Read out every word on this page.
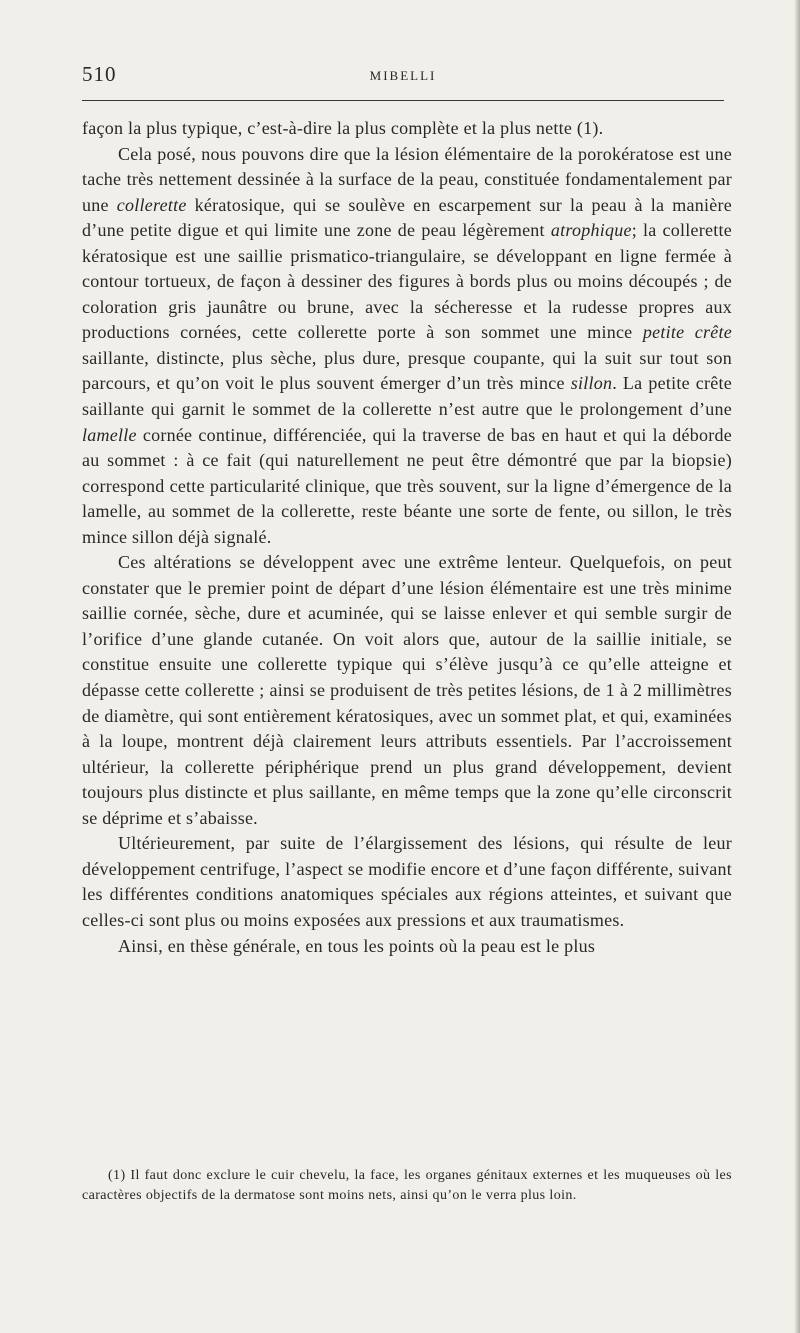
510	MIBELLI

façon la plus typique, c’est-à-dire la plus complète et la plus nette (1).

Cela posé, nous pouvons dire que la lésion élémentaire de la porokératose est une tache très nettement dessinée à la surface de la peau, constituée fondamentalement par une collerette kératosique, qui se soulève en escarpement sur la peau à la manière d’une petite digue et qui limite une zone de peau légèrement atrophique; la collerette kératosique est une saillie prismatico-triangulaire, se développant en ligne fermée à contour tortueux, de façon à dessiner des figures à bords plus ou moins découpés ; de coloration gris jaunâtre ou brune, avec la sécheresse et la rudesse propres aux productions cornées, cette collerette porte à son sommet une mince petite crête saillante, distincte, plus sèche, plus dure, presque coupante, qui la suit sur tout son parcours, et qu’on voit le plus souvent émerger d’un très mince sillon. La petite crête saillante qui garnit le sommet de la collerette n’est autre que le prolongement d’une lamelle cornée continue, différenciée, qui la traverse de bas en haut et qui la déborde au sommet : à ce fait (qui naturellement ne peut être démontré que par la biopsie) correspond cette particularité clinique, que très souvent, sur la ligne d’émergence de la lamelle, au sommet de la collerette, reste béante une sorte de fente, ou sillon, le très mince sillon déjà signalé.

Ces altérations se développent avec une extrême lenteur. Quelquefois, on peut constater que le premier point de départ d’une lésion élémentaire est une très minime saillie cornée, sèche, dure et acuminée, qui se laisse enlever et qui semble surgir de l’orifice d’une glande cutanée. On voit alors que, autour de la saillie initiale, se constitue ensuite une collerette typique qui s’élève jusqu’à ce qu’elle atteigne et dépasse cette collerette ; ainsi se produisent de très petites lésions, de 1 à 2 millimètres de diamètre, qui sont entièrement kératosiques, avec un sommet plat, et qui, examinées à la loupe, montrent déjà clairement leurs attributs essentiels. Par l’accroissement ultérieur, la collerette périphérique prend un plus grand développement, devient toujours plus distincte et plus saillante, en même temps que la zone qu’elle circonscrit se déprime et s’abaisse.

Ultérieurement, par suite de l’élargissement des lésions, qui résulte de leur développement centrifuge, l’aspect se modifie encore et d’une façon différente, suivant les différentes conditions anatomiques spéciales aux régions atteintes, et suivant que celles-ci sont plus ou moins exposées aux pressions et aux traumatismes.

Ainsi, en thèse générale, en tous les points où la peau est le plus

(1) Il faut donc exclure le cuir chevelu, la face, les organes génitaux externes et les muqueuses où les caractères objectifs de la dermatose sont moins nets, ainsi qu’on le verra plus loin.
